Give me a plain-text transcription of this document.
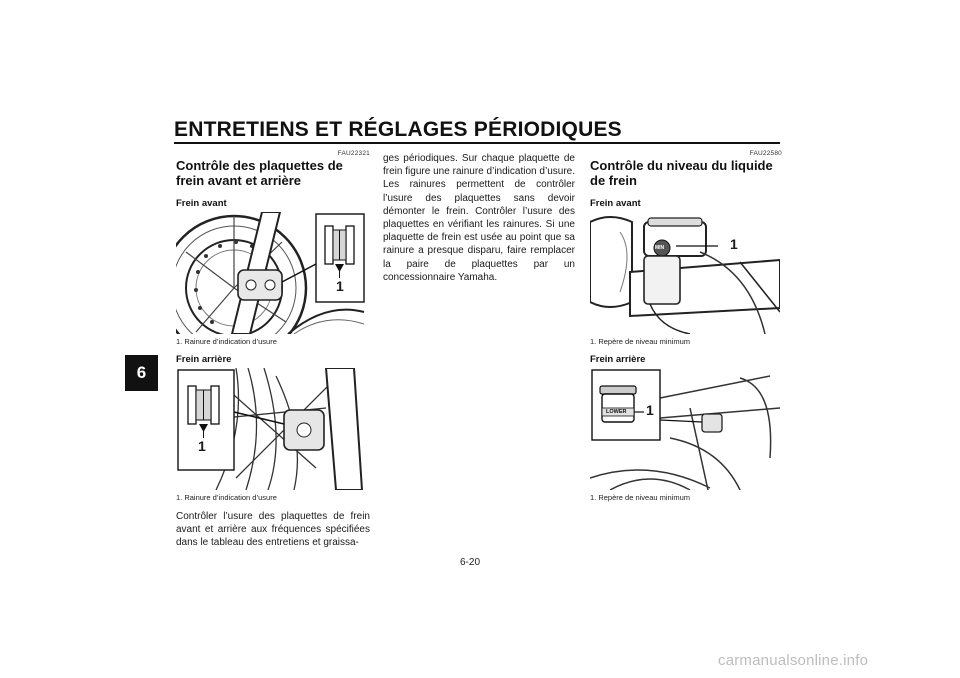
ENTRETIENS ET RÉGLAGES PÉRIODIQUES
6
FAU22321
Contrôle des plaquettes de frein avant et arrière
Frein avant
1
1. Rainure d’indication d’usure
Frein arrière
1
1. Rainure d’indication d’usure

Contrôler l’usure des plaquettes de frein avant et arrière aux fréquences spécifiées dans le tableau des entretiens et graissa-

ges périodiques. Sur chaque plaquette de frein figure une rainure d’indication d’usure. Les rainures permettent de contrôler l’usure des plaquettes sans devoir démonter le frein. Contrôler l’usure des plaquettes en vérifiant les rainures. Si une plaquette de frein est usée au point que sa rainure a presque disparu, faire remplacer la paire de plaquettes par un concessionnaire Yamaha.

FAU22580
Contrôle du niveau du liquide de frein
Frein avant
MIN	1
1. Repère de niveau minimum
Frein arrière
LOWER 1
1. Repère de niveau minimum
6-20
carmanualsonline.info
